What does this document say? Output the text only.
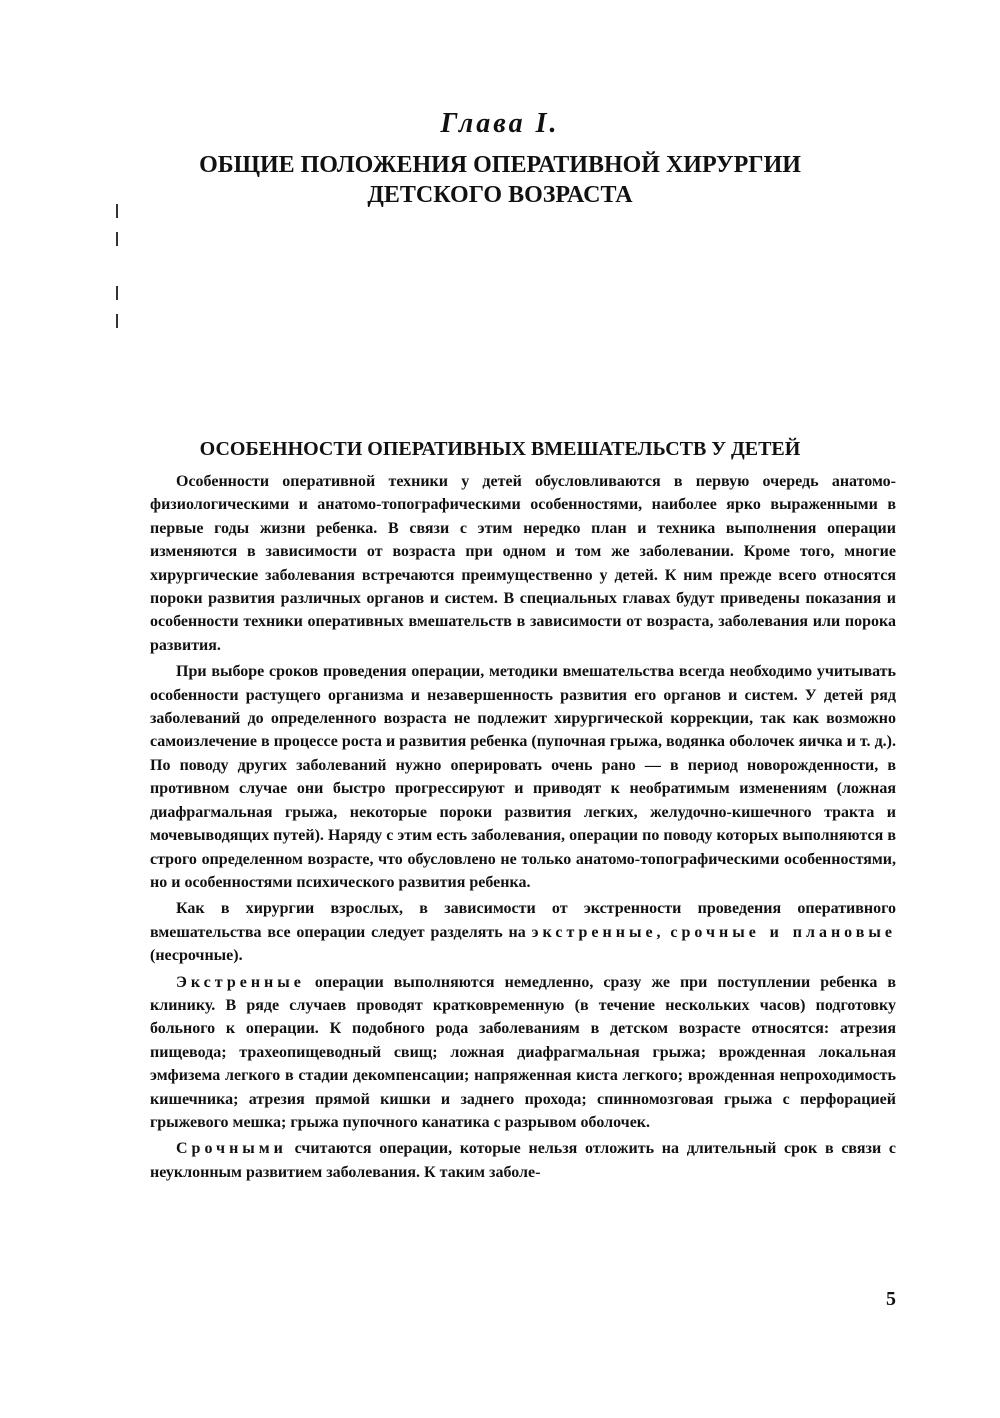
Глава I.
ОБЩИЕ ПОЛОЖЕНИЯ ОПЕРАТИВНОЙ ХИРУРГИИ
ДЕТСКОГО ВОЗРАСТА
ОСОБЕННОСТИ ОПЕРАТИВНЫХ ВМЕШАТЕЛЬСТВ У ДЕТЕЙ

Особенности оперативной техники у детей обусловливаются в первую очередь анатомо-физиологическими и анатомо-топографическими особенностями, наиболее ярко выраженными в первые годы жизни ребенка. В связи с этим нередко план и техника выполнения операции изменяются в зависимости от возраста при одном и том же заболевании. Кроме того, многие хирургические заболевания встречаются преимущественно у детей. К ним прежде всего относятся пороки развития различных органов и систем. В специальных главах будут приведены показания и особенности техники оперативных вмешательств в зависимости от возраста, заболевания или порока развития.

При выборе сроков проведения операции, методики вмешательства всегда необходимо учитывать особенности растущего организма и незавершенность развития его органов и систем. У детей ряд заболеваний до определенного возраста не подлежит хирургической коррекции, так как возможно самоизлечение в процессе роста и развития ребенка (пупочная грыжа, водянка оболочек яичка и т. д.). По поводу других заболеваний нужно оперировать очень рано — в период новорожденности, в противном случае они быстро прогрессируют и приводят к необратимым изменениям (ложная диафрагмальная грыжа, некоторые пороки развития легких, желудочно-кишечного тракта и мочевыводящих путей). Наряду с этим есть заболевания, операции по поводу которых выполняются в строго определенном возрасте, что обусловлено не только анатомо-топографическими особенностями, но и особенностями психического развития ребенка.

Как в хирургии взрослых, в зависимости от экстренности проведения оперативного вмешательства все операции следует разделять на экстренные, срочные и плановые (несрочные).

Экстренные операции выполняются немедленно, сразу же при поступлении ребенка в клинику. В ряде случаев проводят кратковременную (в течение нескольких часов) подготовку больного к операции. К подобного рода заболеваниям в детском возрасте относятся: атрезия пищевода; трахеопищеводный свищ; ложная диафрагмальная грыжа; врожденная локальная эмфизема легкого в стадии декомпенсации; напряженная киста легкого; врожденная непроходимость кишечника; атрезия прямой кишки и заднего прохода; спинномозговая грыжа с перфорацией грыжевого мешка; грыжа пупочного канатика с разрывом оболочек.

Срочными считаются операции, которые нельзя отложить на длительный срок в связи с неуклонным развитием заболевания. К таким заболе-

5
